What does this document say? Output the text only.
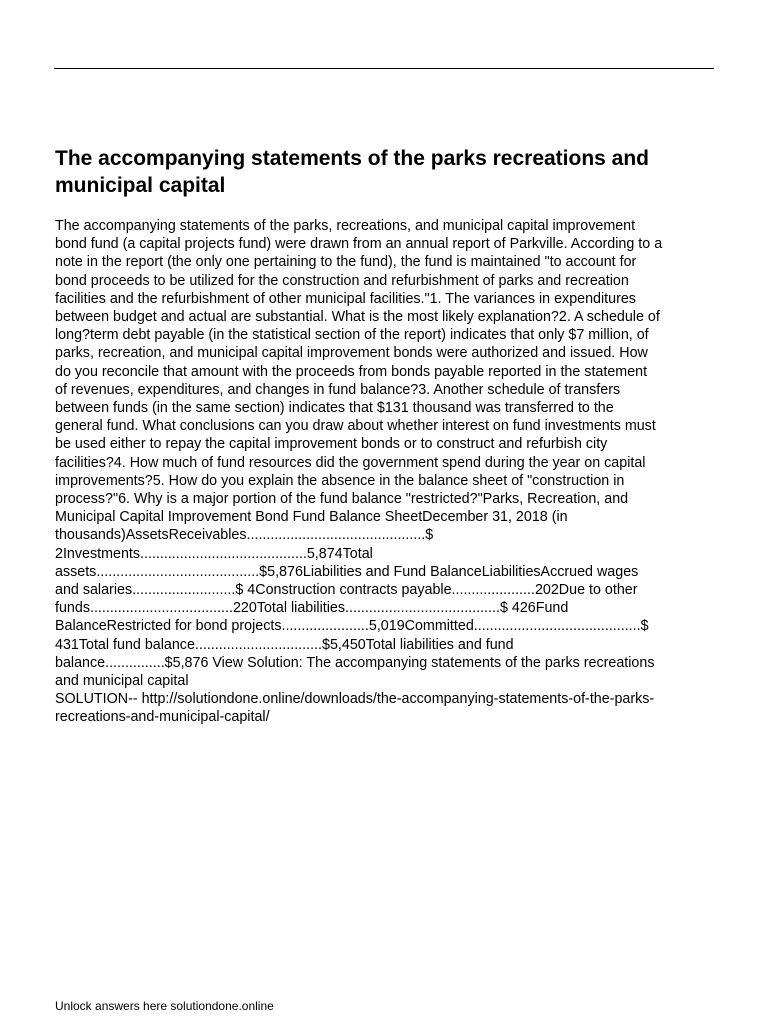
The accompanying statements of the parks recreations and
municipal capital
The accompanying statements of the parks, recreations, and municipal capital improvement
bond fund (a capital projects fund) were drawn from an annual report of Parkville. According to a
note in the report (the only one pertaining to the fund), the fund is maintained "to account for
bond proceeds to be utilized for the construction and refurbishment of parks and recreation
facilities and the refurbishment of other municipal facilities."1. The variances in expenditures
between budget and actual are substantial. What is the most likely explanation?2. A schedule of
long?term debt payable (in the statistical section of the report) indicates that only $7 million, of
parks, recreation, and municipal capital improvement bonds were authorized and issued. How
do you reconcile that amount with the proceeds from bonds payable reported in the statement
of revenues, expenditures, and changes in fund balance?3. Another schedule of transfers
between funds (in the same section) indicates that $131 thousand was transferred to the
general fund. What conclusions can you draw about whether interest on fund investments must
be used either to repay the capital improvement bonds or to construct and refurbish city
facilities?4. How much of fund resources did the government spend during the year on capital
improvements?5. How do you explain the absence in the balance sheet of "construction in
process?"6. Why is a major portion of the fund balance "restricted?"Parks, Recreation, and
Municipal Capital Improvement Bond Fund Balance SheetDecember 31, 2018 (in
thousands)AssetsReceivables.............................................$
2Investments..........................................5,874Total
assets.........................................$5,876Liabilities and Fund BalanceLiabilitiesAccrued wages
and salaries..........................$ 4Construction contracts payable.....................202Due to other
funds....................................220Total liabilities.......................................$ 426Fund
BalanceRestricted for bond projects......................5,019Committed..........................................$
431Total fund balance................................$5,450Total liabilities and fund
balance...............$5,876 View Solution: The accompanying statements of the parks recreations
and municipal capital
SOLUTION-- http://solutiondone.online/downloads/the-accompanying-statements-of-the-parks-
recreations-and-municipal-capital/
Unlock answers here solutiondone.online
